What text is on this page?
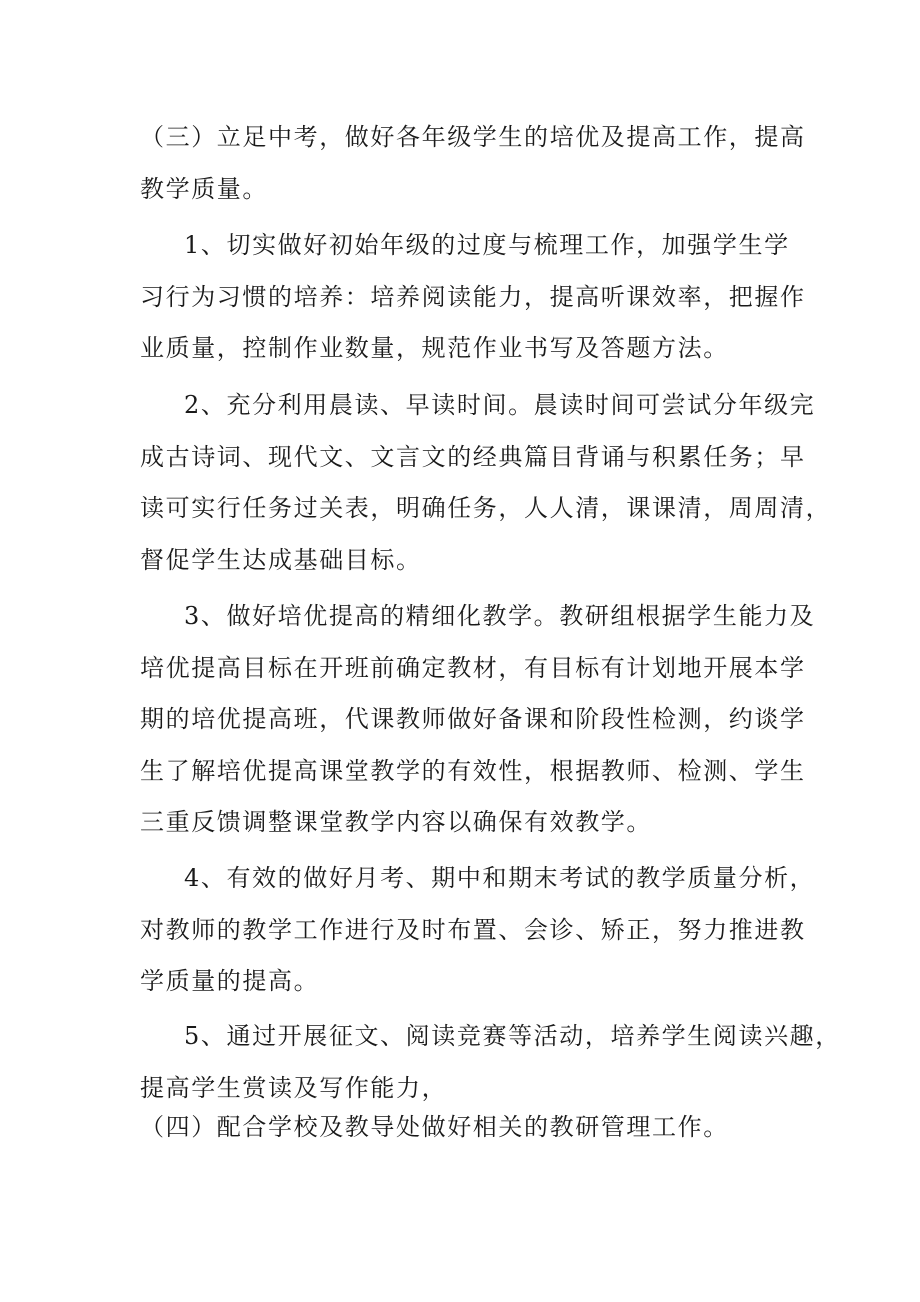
（三）立足中考，做好各年级学生的培优及提高工作，提高
教学质量。

1、切实做好初始年级的过度与梳理工作，加强学生学
习行为习惯的培养：培养阅读能力，提高听课效率，把握作
业质量，控制作业数量，规范作业书写及答题方法。

2、充分利用晨读、早读时间。晨读时间可尝试分年级完
成古诗词、现代文、文言文的经典篇目背诵与积累任务；早
读可实行任务过关表，明确任务，人人清，课课清，周周清，
督促学生达成基础目标。

3、做好培优提高的精细化教学。教研组根据学生能力及
培优提高目标在开班前确定教材，有目标有计划地开展本学
期的培优提高班，代课教师做好备课和阶段性检测，约谈学
生了解培优提高课堂教学的有效性，根据教师、检测、学生
三重反馈调整课堂教学内容以确保有效教学。

4、有效的做好月考、期中和期末考试的教学质量分析，
对教师的教学工作进行及时布置、会诊、矫正，努力推进教
学质量的提高。

5、通过开展征文、阅读竞赛等活动，培养学生阅读兴趣，
提高学生赏读及写作能力，

（四）配合学校及教导处做好相关的教研管理工作。
